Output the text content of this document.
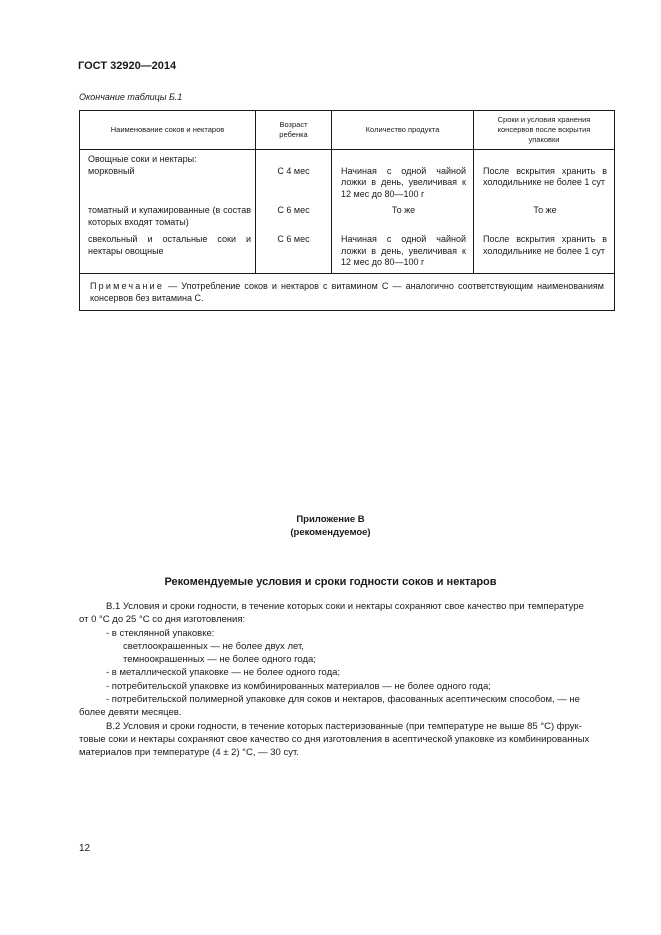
ГОСТ 32920—2014
Окончание таблицы Б.1
Наименование соков и нектаров	Возраст ребенка	Количество продукта	Сроки и условия хранения консервов после вскрытия упаковки

Овощные соки и нектары:
морковный	С 4 мес	Начиная с одной чайной ложки в день, увеличивая к 12 мес до 80—100 г	После вскрытия хранить в холодильнике не более 1 сут

томатный и купажированные (в состав которых входят томаты)	С 6 мес	То же	То же
свекольный и остальные соки и нектары овощные	С 6 мес	Начиная с одной чайной ложки в день, увеличивая к 12 мес до 80—100 г	После вскрытия хранить в холодильнике не более 1 сут
Примечание — Употребление соков и нектаров с витамином С — аналогично соответствующим наименованиям консервов без витамина С.			
Приложение В
(рекомендуемое)
Рекомендуемые условия и сроки годности соков и нектаров
В.1 Условия и сроки годности, в течение которых соки и нектары сохраняют свое качество при температуре
от 0 °С до 25 °С со дня изготовления:
- в стеклянной упаковке:
светлоокрашенных — не более двух лет,
темноокрашенных — не более одного года;
- в металлической упаковке — не более одного года;
- потребительской упаковке из комбинированных материалов — не более одного года;
- потребительской полимерной упаковке для соков и нектаров, фасованных асептическим способом, — не
более девяти месяцев.
В.2 Условия и сроки годности, в течение которых пастеризованные (при температуре не выше 85 °С) фрук-
товые соки и нектары сохраняют свое качество со дня изготовления в асептической упаковке из комбинированных
материалов при температуре (4 ± 2) °С, — 30 сут.
12
